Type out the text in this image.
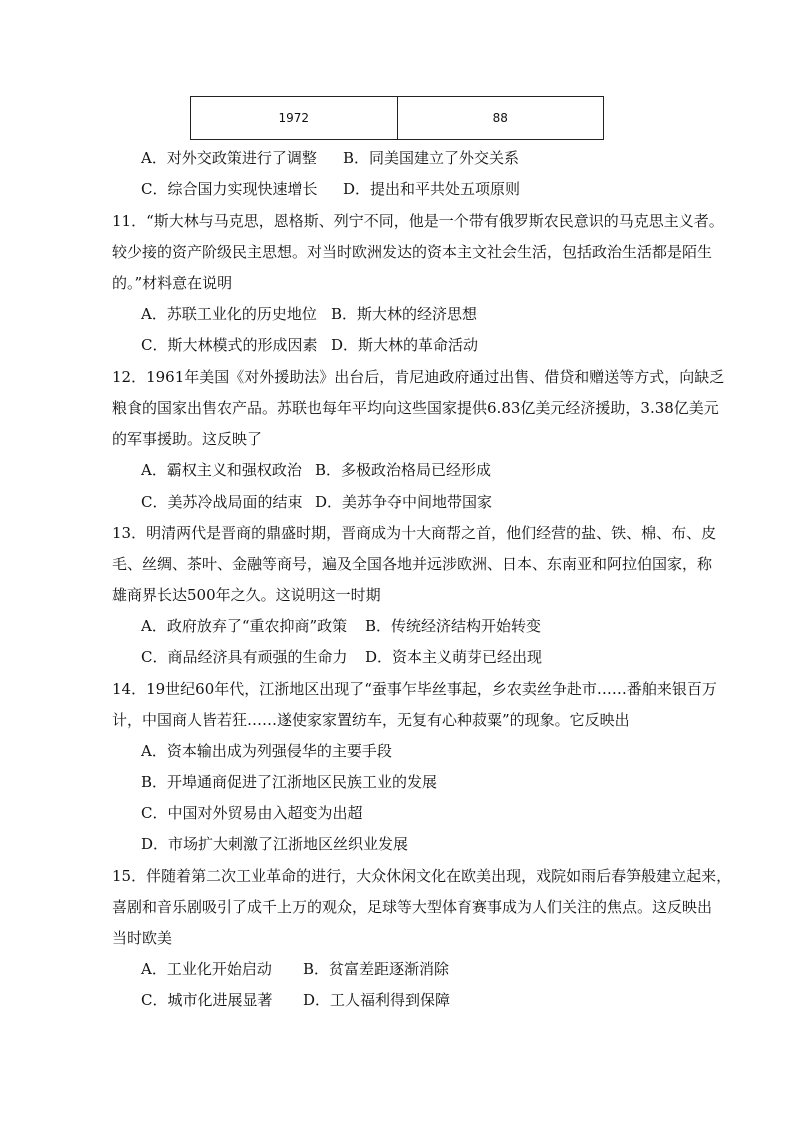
1972	88
A．对外交政策进行了调整 B．同美国建立了外交关系
C．综合国力实现快速增长 D．提出和平共处五项原则
11．“斯大林与马克思，恩格斯、列宁不同，他是一个带有俄罗斯农民意识的马克思主义者。
较少接的资产阶级民主思想。对当时欧洲发达的资本主文社会生活，包括政治生活都是陌生
的。”材料意在说明
A．苏联工业化的历史地位 B．斯大林的经济思想
C．斯大林模式的形成因素 D．斯大林的革命活动
12．1961年美国《对外援助法》出台后，肯尼迪政府通过出售、借贷和赠送等方式，向缺乏
粮食的国家出售农产品。苏联也每年平均向这些国家提供6.83亿美元经济援助，3.38亿美元
的军事援助。这反映了
A．霸权主义和强权政治 B．多极政治格局已经形成
C．美苏冷战局面的结束 D．美苏争夺中间地带国家
13．明清两代是晋商的鼎盛时期，晋商成为十大商帮之首，他们经营的盐、铁、棉、布、皮
毛、丝绸、茶叶、金融等商号，遍及全国各地并远涉欧洲、日本、东南亚和阿拉伯国家，称
雄商界长达500年之久。这说明这一时期
A．政府放弃了“重农抑商”政策 B．传统经济结构开始转变
C．商品经济具有顽强的生命力 D．资本主义萌芽已经出现
14．19世纪60年代，江浙地区出现了“蚕事乍毕丝事起，乡农卖丝争赴市……番舶来银百万
计，中国商人皆若狂……遂使家家置纺车，无复有心种菽粟”的现象。它反映出
A．资本输出成为列强侵华的主要手段
B．开埠通商促进了江浙地区民族工业的发展
C．中国对外贸易由入超变为出超
D．市场扩大刺激了江浙地区丝织业发展
15．伴随着第二次工业革命的进行，大众休闲文化在欧美出现，戏院如雨后春笋般建立起来，
喜剧和音乐剧吸引了成千上万的观众，足球等大型体育赛事成为人们关注的焦点。这反映出
当时欧美
A．工业化开始启动 B．贫富差距逐渐消除
C．城市化进展显著 D．工人福利得到保障
